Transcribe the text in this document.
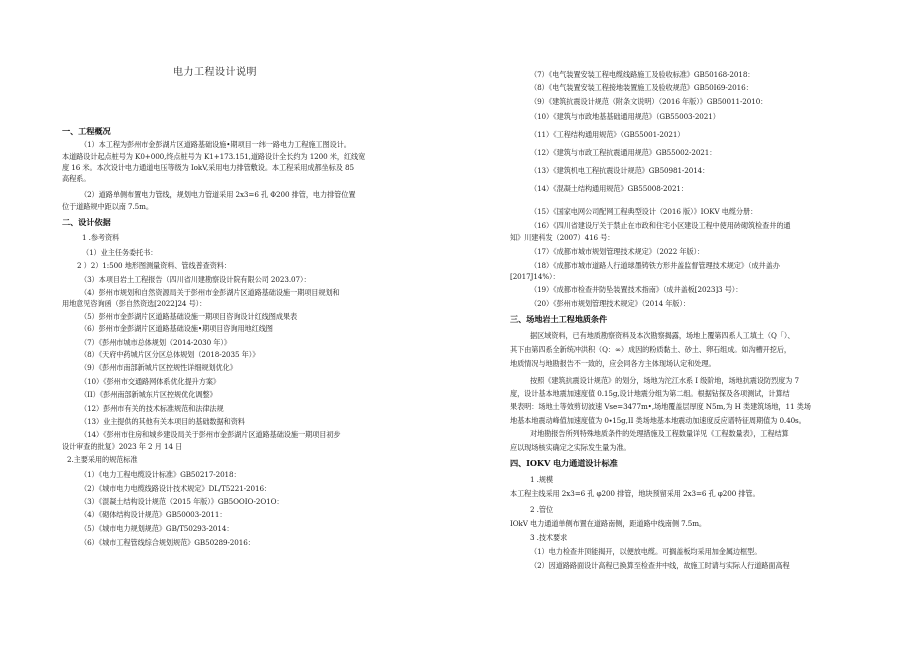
电力工程设计说明
一、工程概况
（1）本工程为彭州市金彭湖片区道路基础设施•期项目一纬一路电力工程施工图设计。
本道路设计起点桩号为 K0+000,终点桩号为 K1+173.151,道路设计全长约为 1200 米，红线宽
度 16 米。本次设计电力通道电压等级为 IokV,采用电力排管敷设。本工程采用成都坐标及 85
高程系。
（2）道路单侧布置电力管线，规划电力管道采用 2x3=6 孔 Φ200 排管，电力排管位置
位于道路规中距以南 7.5m。
二、设计依据
1 .参考资料
（1）业主任务委托书：
2 ）2）1:500 地形图测量资料、管线普查资料：
（3）本项目岩土工程报告（四川省川建勘察设计院有限公司 2023.07）：
（4）彭州市规划和自然资源局关于彭州市金彭湖片区道路基础设施一期项目规划和
用地意见咨询函（彭自然资选[2022]24 号）：
（5）彭州市金彭湖片区道路基础设施一期项目咨询设计红线图成果表
（6）彭州市金彭湖片区道路基础设施•期项目咨询用地红线图
（7）《彭州市城市总体规划（2014-2030 年）》
（8）《天府中药城片区分区总体规划（2018-2035 年）》
（9）《彭州市南部新城片区控规性详细规划优化》
（10）《彭州市交通路网体系优化提升方案》
（II）《彭州南部新城东片区控规优化调整》
（12）彭州市有关的技术标准规范和法律法规
（13）业主提供的其他有关本项目的基础数据和资料
（14）《彭州市住房和城乡建设局关于彭州市金彭湖片区道路基础设施一期项目初步
设计审查的批复》2023 年 2 月 14 日
2.主要采用的规范标准
（1）《电力工程电缆设计标准》GB50217-2018：
（2）《城市电力电缆线路设计技术规定》DL/T5221-2016：
（3）《混凝土结构设计规范（2015 年版）》GB5OOIO-2O1O：
（4）《砌体结构设计规范》GB50003-2011：
（5）《城市电力规划规范》GB/T50293-2014：
（6）《城市工程管线综合规划规范》GB50289-2016：
（7）《电气装置安装工程电缆线路施工及验收标准》GB50168-2018：
（8）《电气装置安装工程接地装置施工及验收规范》GB50I69-2016：
（9）《建筑抗震设计规范（附条文说明）（2016 年版）》GB50011-2010：
（10）《建筑与市政地基基础通用规范》（GB55003-2021）
（11）《工程结构通用规范》（GB55001-2021）
（12）《建筑与市政工程抗震通用规范》GB55002-2021：
（13）《建筑机电工程抗震设计规范》GB50981-2014：
（14）《混凝土结构通用规范》GB55008-2021：
（15）《国家电网公司配网工程典型设计（2016 版）》IOKV 电缆分册：
（16）《四川省建设厅关于禁止在市政和住宅小区建设工程中使用砖砌筑检查井的通
知》川建科发（2007）416 号：
（17）《成都市城市规划管理技术规定》（2022 年版）：
（18）《成都市城市道路人行道球墨铸铁方形井盖监督管理技术规定》（成井盖办
[2017J14%）：
（19）《成都市检查井防坠装置技术指南》（成井盖板[2023]3 号）：
（20）《彭州市规划管理技术规定》（2014 年版）：
三、场地岩土工程地质条件
据区域资料，已有地质勘察资料及本次勘察揭露，场地上覆第四系人工填土（Q「）、
其下由第四系全新统冲洪积（Q：∞）成因的粉质黏土、砂土、卵石组成。如沟槽开挖后，
地质情况与地勘报告不一致的，应会同各方主体现场认定和处理。
按照《建筑抗震设计规范》的划分，场地为沱江水系 I 级阶地，场地抗震设防烈度为 7
度，设计基本地震加速度值 0.15g,设计地震分组为第二组。根据钻探及各项测试，计算结
果表明：场地土等效剪切波速 Vse=3477m•,场地覆盖层厚度 N5m,为 H 类建筑场地，11 类场
地基本地震动峰值加速度值为 0∙15g,II 类场地基本地震动加速度反应谱特征周期值为 0.40s。
对地勘报告所列特殊地质条件的处理措施及工程数量详见《工程数量表》，工程结算
应以现场核实确定之实际发生量为准。
四、IOKV 电力通道设计标准
1 .规模
本工程主线采用 2x3=6 孔 φ200 排管，地块预留采用 2x3=6 孔 φ200 排管。
2 .管位
IOkV 电力通道单侧布置在道路南侧，距道路中线南侧 7.5m。
3 .技术要求
（1）电力检查井顶能揭开，以便放电缆。可搁盖板均采用加金属边框型。
（2）因道路路面设计高程已换算至检查井中线，故施工时请与实际人行道路面高程
